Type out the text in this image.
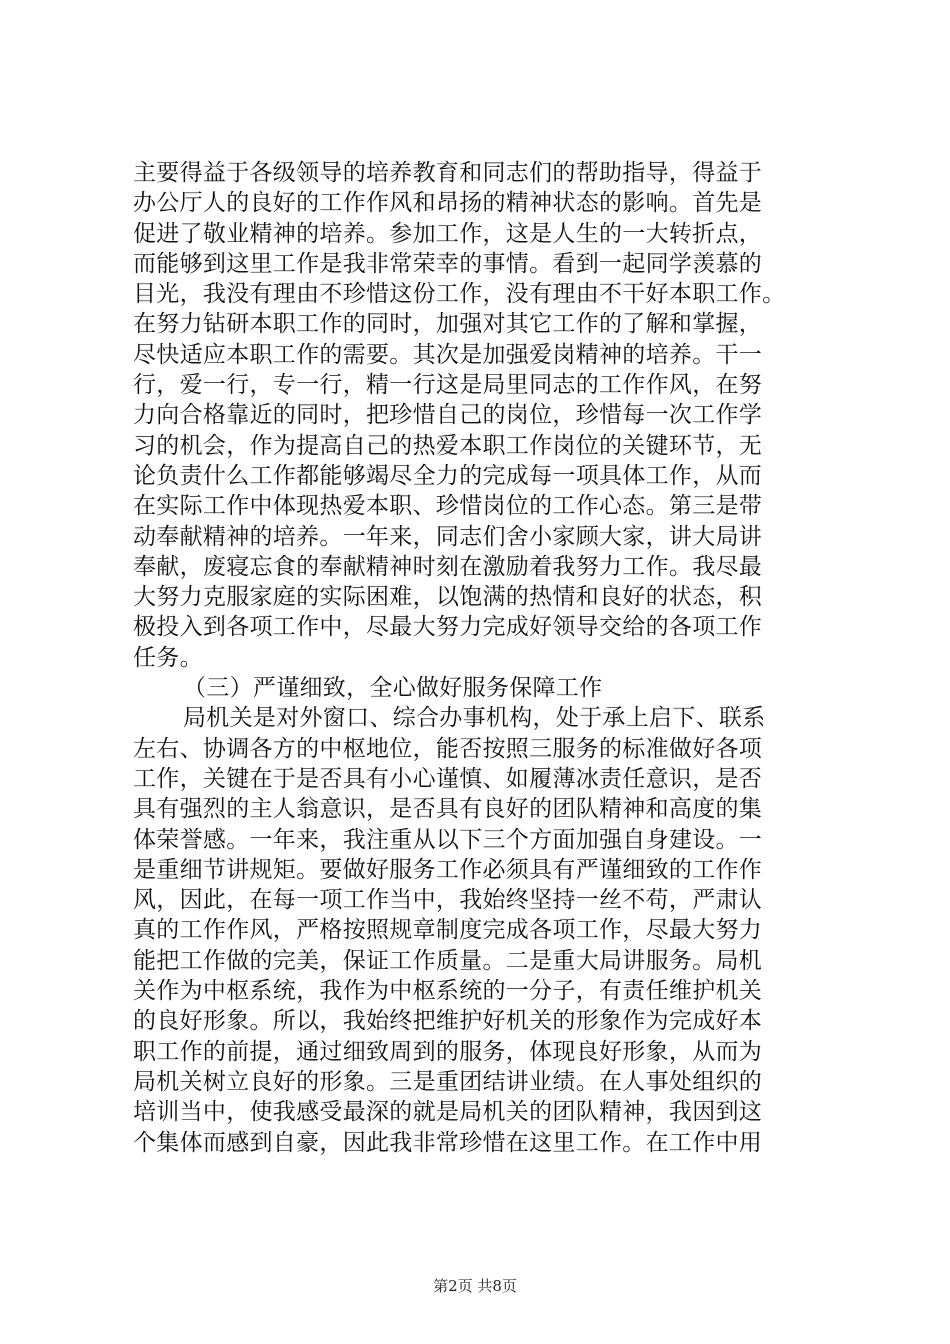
主要得益于各级领导的培养教育和同志们的帮助指导，得益于
办公厅人的良好的工作作风和昂扬的精神状态的影响。首先是
促进了敬业精神的培养。参加工作，这是人生的一大转折点，
而能够到这里工作是我非常荣幸的事情。看到一起同学羡慕的
目光，我没有理由不珍惜这份工作，没有理由不干好本职工作。
在努力钻研本职工作的同时，加强对其它工作的了解和掌握，
尽快适应本职工作的需要。其次是加强爱岗精神的培养。干一
行，爱一行，专一行，精一行这是局里同志的工作作风，在努
力向合格靠近的同时，把珍惜自己的岗位，珍惜每一次工作学
习的机会，作为提高自己的热爱本职工作岗位的关键环节，无
论负责什么工作都能够竭尽全力的完成每一项具体工作，从而
在实际工作中体现热爱本职、珍惜岗位的工作心态。第三是带
动奉献精神的培养。一年来，同志们舍小家顾大家，讲大局讲
奉献，废寝忘食的奉献精神时刻在激励着我努力工作。我尽最
大努力克服家庭的实际困难，以饱满的热情和良好的状态，积
极投入到各项工作中，尽最大努力完成好领导交给的各项工作
任务。
（三）严谨细致，全心做好服务保障工作
局机关是对外窗口、综合办事机构，处于承上启下、联系
左右、协调各方的中枢地位，能否按照三服务的标准做好各项
工作，关键在于是否具有小心谨慎、如履薄冰责任意识，是否
具有强烈的主人翁意识，是否具有良好的团队精神和高度的集
体荣誉感。一年来，我注重从以下三个方面加强自身建设。一
是重细节讲规矩。要做好服务工作必须具有严谨细致的工作作
风，因此，在每一项工作当中，我始终坚持一丝不苟，严肃认
真的工作作风，严格按照规章制度完成各项工作，尽最大努力
能把工作做的完美，保证工作质量。二是重大局讲服务。局机
关作为中枢系统，我作为中枢系统的一分子，有责任维护机关
的良好形象。所以，我始终把维护好机关的形象作为完成好本
职工作的前提，通过细致周到的服务，体现良好形象，从而为
局机关树立良好的形象。三是重团结讲业绩。在人事处组织的
培训当中，使我感受最深的就是局机关的团队精神，我因到这
个集体而感到自豪，因此我非常珍惜在这里工作。在工作中用
第2页 共8页
